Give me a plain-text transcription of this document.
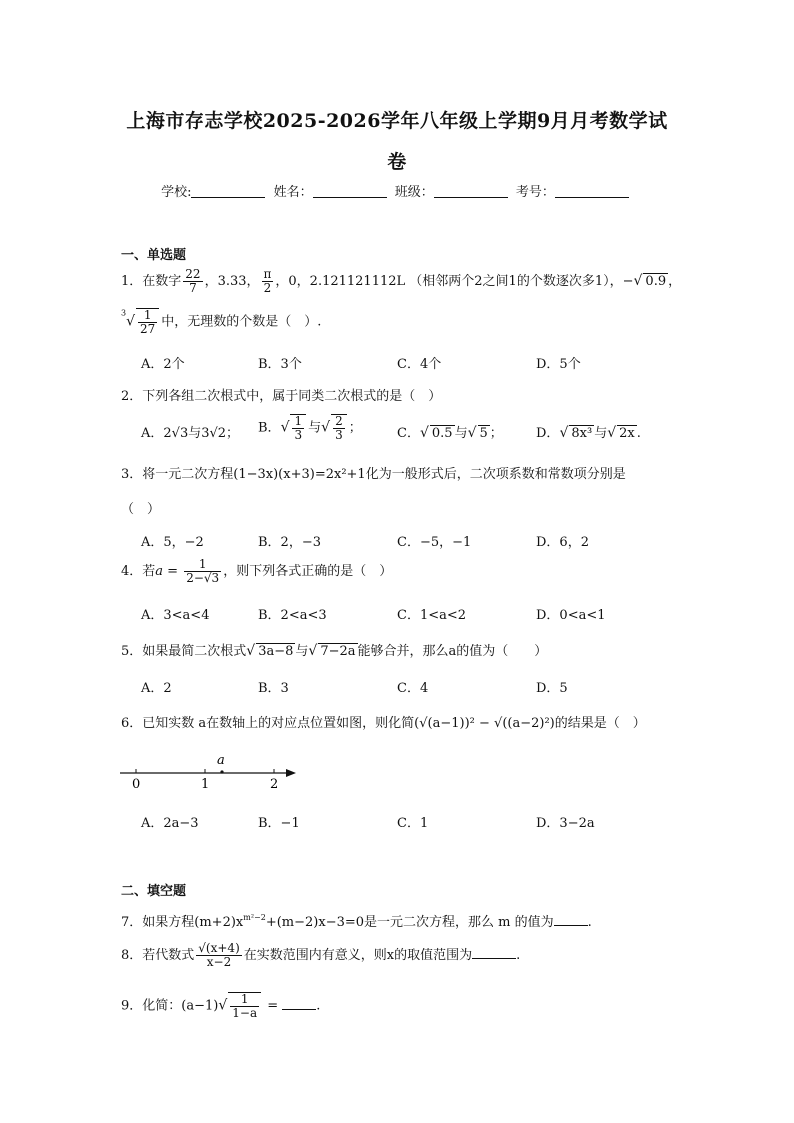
上海市存志学校2025-2026学年八年级上学期9月月考数学试
卷
学校:	姓名：	班级：	考号：
一、单选题
1．在数字 $\frac{22}{7}$ ，3.33， $\frac{\pi}{2}$ ，0，2.121121112L （相邻两个2之间1的个数逐次多1），−√ 0.9 ，
$^3√ \frac{1}{27}$ 中，无理数的个数是（　）.
A．2个	B．3个	C．4个	D．5个
2．下列各组二次根式中，属于同类二次根式的是（　）
A．2√3与3√2； B．√ $\frac{1}{3}$ 与√ $\frac{2}{3}$ ；	C．√ 0.5 与√ 5 ；	D．√ 8x³ 与√ 2x .
3．将一元二次方程(1−3x)(x+3)=2x²+1化为一般形式后，二次项系数和常数项分别是
（　）
A．5，−2	B．2，−3	C．−5，−1	D．6，2
4．若$a = \frac{1}{2-√3}$ ，则下列各式正确的是（　）
A．3<a<4	B．2<a<3	C．1<a<2	D．0<a<1
5．如果最简二次根式√ 3a−8 与√ 7−2a 能够合并，那么a的值为（　　）
A．2	B．3	C．4	D．5
6．已知实数 a在数轴上的对应点位置如图，则化简(√(a−1))² − √((a−2)²)的结果是（　）
0	1	2
a
A．2a−3	B．−1	C．1	D．3−2a
二、填空题
7．如果方程$(m+2)x^{m^2-2}+(m-2)x-3=0$是一元二次方程，那么 m 的值为	.
8．若代数式 $\frac{√(x+4)}{x-2}$ 在实数范围内有意义，则x的取值范围为	.
9．化简：$(a-1)√ \frac{1}{1-a}$ =	.
